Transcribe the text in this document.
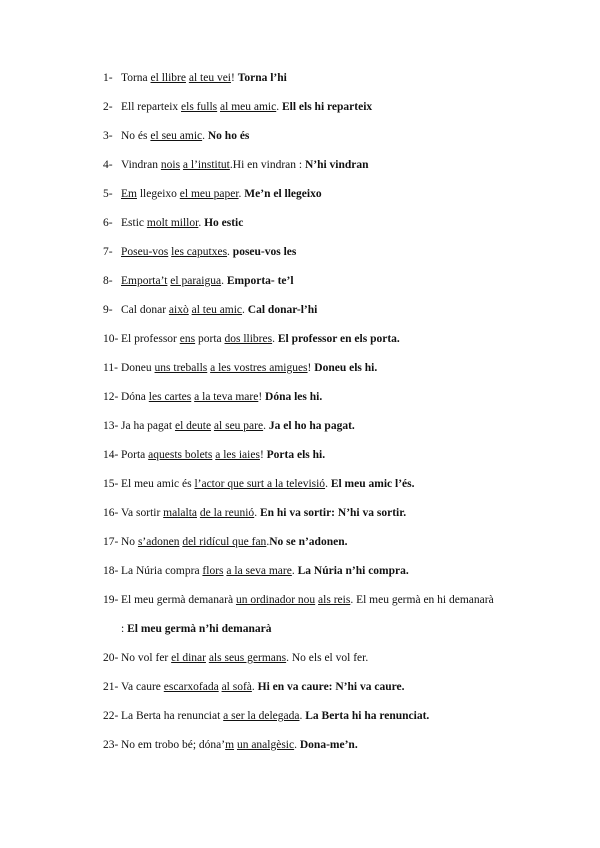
1- Torna el llibre al teu vei! Torna l’hi
2- Ell reparteix els fulls al meu amic. Ell els hi reparteix
3- No és el seu amic. No ho és
4- Vindran nois a l’institut.Hi en vindran : N’hi vindran
5- Em llegeixo el meu paper. Me’n el llegeixo
6- Estic molt millor. Ho estic
7- Poseu-vos les caputxes. poseu-vos les
8- Emporta’t el paraigua. Emporta- te’l
9- Cal donar això al teu amic. Cal donar-l’hi
10- El professor ens porta dos llibres. El professor en els porta.
11- Doneu uns treballs a les vostres amigues! Doneu els hi.
12- Dóna les cartes a la teva mare! Dóna les hi.
13- Ja ha pagat el deute al seu pare. Ja el ho ha pagat.
14- Porta aquests bolets a les iaies! Porta els hi.
15- El meu amic és l’actor que surt a la televisió. El meu amic l’és.
16- Va sortir malalta de la reunió. En hi va sortir: N’hi va sortir.
17- No s’adonen del ridícul que fan.No se n’adonen.
18- La Núria compra flors a la seva mare. La Núria n’hi compra.
19- El meu germà demanarà un ordinador nou als reis. El meu germà en hi demanarà
: El meu germà n’hi demanarà
20- No vol fer el dinar als seus germans. No els el vol fer.
21- Va caure escarxofada al sofà. Hi en va caure: N’hi va caure.
22- La Berta ha renunciat a ser la delegada. La Berta hi ha renunciat.
23- No em trobo bé; dóna’m un analgèsic. Dona-me’n.
